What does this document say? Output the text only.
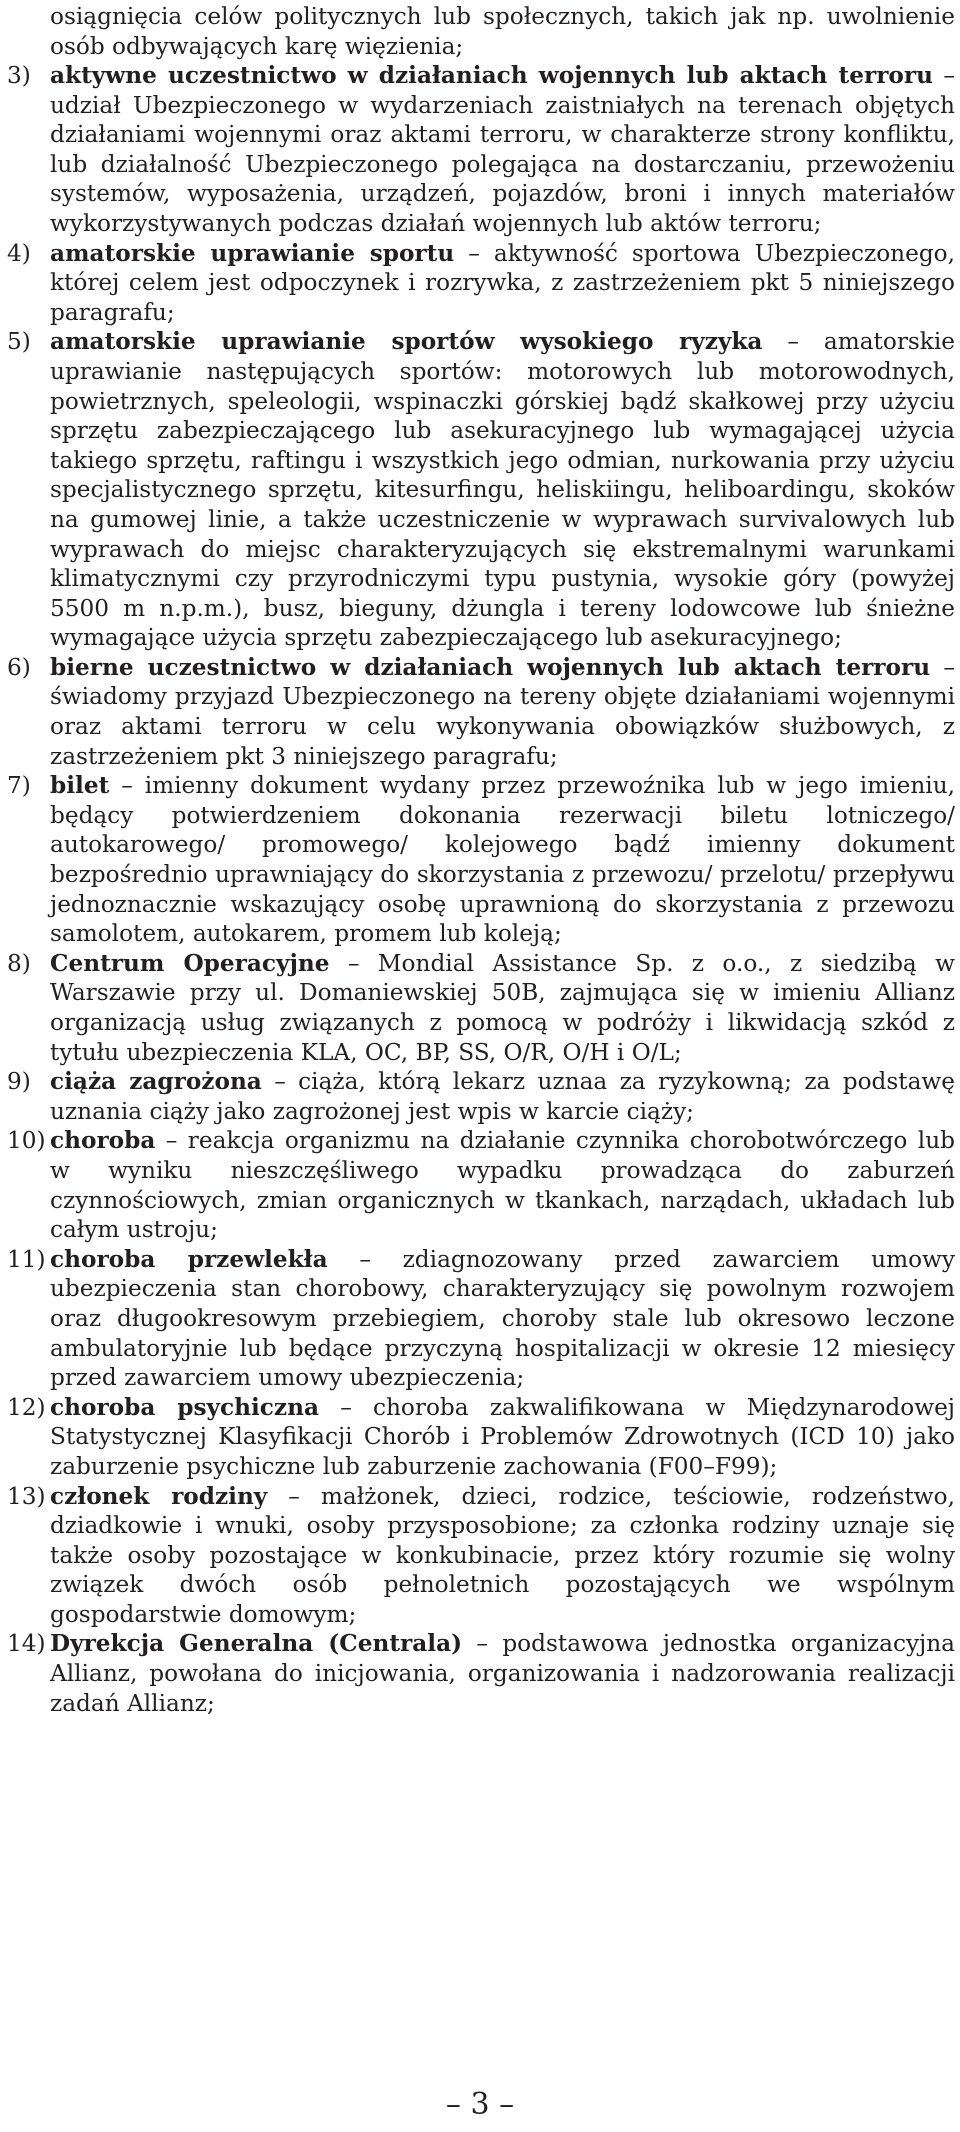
osiągnięcia celów politycznych lub społecznych, takich jak np. uwolnienie osób odbywających karę więzienia;

3) aktywne uczestnictwo w działaniach wojennych lub aktach terroru – udział Ubezpieczonego w wydarzeniach zaistniałych na terenach objętych działaniami wojennymi oraz aktami terroru, w charakterze strony konfliktu, lub działalność Ubezpieczonego polegająca na dostarczaniu, przewożeniu systemów, wyposażenia, urządzeń, pojazdów, broni i innych materiałów wykorzystywanych podczas działań wojennych lub aktów terroru;
4) amatorskie uprawianie sportu – aktywność sportowa Ubezpieczonego, której celem jest odpoczynek i rozrywka, z zastrzeżeniem pkt 5 niniejszego paragrafu;
5) amatorskie uprawianie sportów wysokiego ryzyka – amatorskie uprawianie następujących sportów: motorowych lub motorowodnych, powietrznych, speleologii, wspinaczki górskiej bądź skałkowej przy użyciu sprzętu zabezpieczającego lub asekuracyjnego lub wymagającej użycia takiego sprzętu, raftingu i wszystkich jego odmian, nurkowania przy użyciu specjalistycznego sprzętu, kitesurfingu, heliskiingu, heliboardingu, skoków na gumowej linie, a także uczestniczenie w wyprawach survivalowych lub wyprawach do miejsc charakteryzujących się ekstremalnymi warunkami klimatycznymi czy przyrodniczymi typu pustynia, wysokie góry (powyżej 5500 m n.p.m.), busz, bieguny, dżungla i tereny lodowcowe lub śnieżne wymagające użycia sprzętu zabezpieczającego lub asekuracyjnego;
6) bierne uczestnictwo w działaniach wojennych lub aktach terroru – świadomy przyjazd Ubezpieczonego na tereny objęte działaniami wojennymi oraz aktami terroru w celu wykonywania obowiązków służbowych, z zastrzeżeniem pkt 3 niniejszego paragrafu;
7) bilet – imienny dokument wydany przez przewoźnika lub w jego imieniu, będący potwierdzeniem dokonania rezerwacji biletu lotniczego/ autokarowego/ promowego/ kolejowego bądź imienny dokument bezpośrednio uprawniający do skorzystania z przewozu/ przelotu/ przepływu jednoznacznie wskazujący osobę uprawnioną do skorzystania z przewozu samolotem, autokarem, promem lub koleją;
8) Centrum Operacyjne – Mondial Assistance Sp. z o.o., z siedzibą w Warszawie przy ul. Domaniewskiej 50B, zajmująca się w imieniu Allianz organizacją usług związanych z pomocą w podróży i likwidacją szkód z tytułu ubezpieczenia KLA, OC, BP, SS, O/R, O/H i O/L;
9) ciąża zagrożona – ciąża, którą lekarz uznaa za ryzykowną; za podstawę uznania ciąży jako zagrożonej jest wpis w karcie ciąży;
10) choroba – reakcja organizmu na działanie czynnika chorobotwórczego lub w wyniku nieszczęśliwego wypadku prowadząca do zaburzeń czynnościowych, zmian organicznych w tkankach, narządach, układach lub całym ustroju;
11) choroba przewlekła – zdiagnozowany przed zawarciem umowy ubezpieczenia stan chorobowy, charakteryzujący się powolnym rozwojem oraz długookresowym przebiegiem, choroby stale lub okresowo leczone ambulatoryjnie lub będące przyczyną hospitalizacji w okresie 12 miesięcy przed zawarciem umowy ubezpieczenia;
12) choroba psychiczna – choroba zakwalifikowana w Międzynarodowej Statystycznej Klasyfikacji Chorób i Problemów Zdrowotnych (ICD 10) jako zaburzenie psychiczne lub zaburzenie zachowania (F00–F99);
13) członek rodziny – małżonek, dzieci, rodzice, teściowie, rodzeństwo, dziadkowie i wnuki, osoby przysposobione; za członka rodziny uznaje się także osoby pozostające w konkubinacie, przez który rozumie się wolny związek dwóch osób pełnoletnich pozostających we wspólnym gospodarstwie domowym;
14) Dyrekcja Generalna (Centrala) – podstawowa jednostka organizacyjna Allianz, powołana do inicjowania, organizowania i nadzorowania realizacji zadań Allianz;
– 3 –
